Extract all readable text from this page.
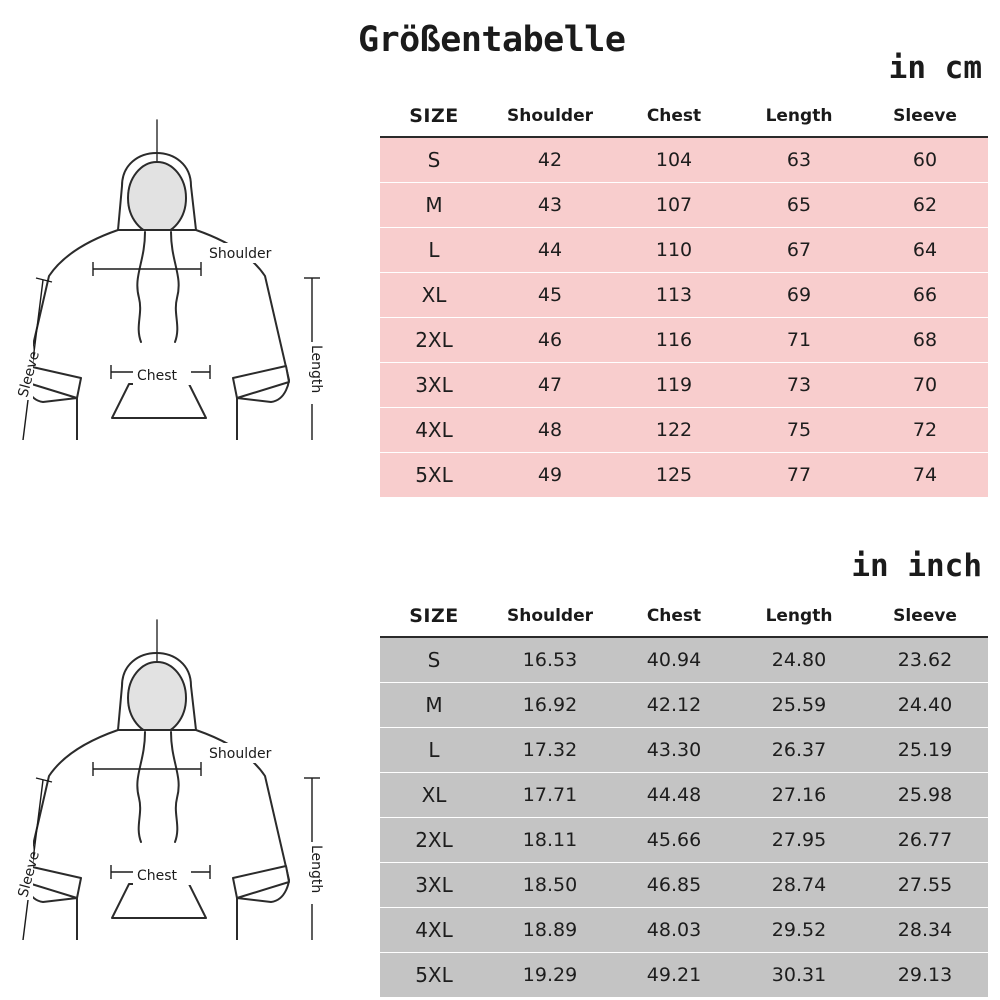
Größentabelle
in cm
in inch
Shoulder
Chest	Length
Sleeve
SIZE	Shoulder	Chest	Length	Sleeve
S	42	104	63	60
M	43	107	65	62
L	44	110	67	64
XL	45	113	69	66
2XL	46	116	71	68
3XL	47	119	73	70
4XL	48	122	75	72
5XL	49	125	77	74
Shoulder
Chest	Length
Sleeve
SIZE	Shoulder	Chest	Length	Sleeve
S	16.53	40.94	24.80	23.62
M	16.92	42.12	25.59	24.40
L	17.32	43.30	26.37	25.19
XL	17.71	44.48	27.16	25.98
2XL	18.11	45.66	27.95	26.77
3XL	18.50	46.85	28.74	27.55
4XL	18.89	48.03	29.52	28.34
5XL	19.29	49.21	30.31	29.13
